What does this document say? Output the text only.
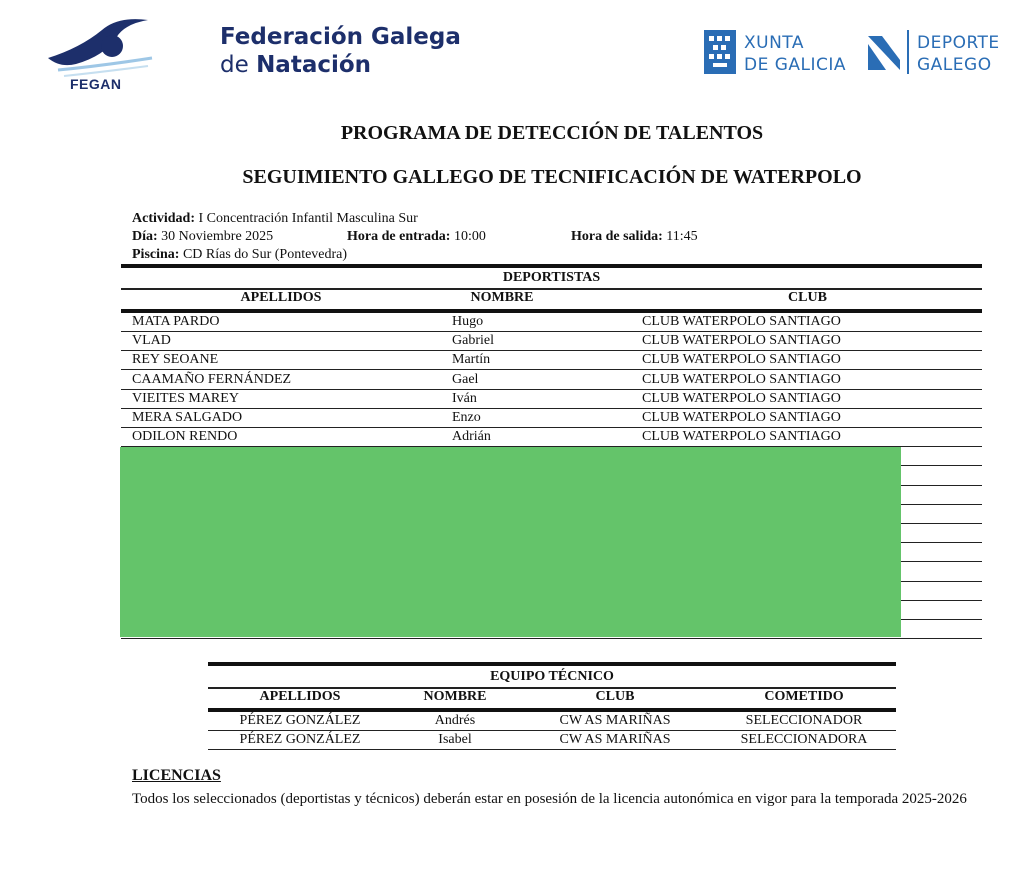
FEGAN
Federación Galega
de Natación
XUNTA
DE GALICIA
DEPORTE
GALEGO
PROGRAMA DE DETECCIÓN DE TALENTOS
SEGUIMIENTO GALLEGO DE TECNIFICACIÓN DE WATERPOLO
Actividad: I Concentración Infantil Masculina Sur
Día: 30 Noviembre 2025	Hora de entrada: 10:00	Hora de salida: 11:45
Piscina: CD Rías do Sur (Pontevedra)
DEPORTISTAS
APELLIDOS	NOMBRE	CLUB
MATA PARDO	Hugo	CLUB WATERPOLO SANTIAGO
VLAD	Gabriel	CLUB WATERPOLO SANTIAGO
REY SEOANE	Martín	CLUB WATERPOLO SANTIAGO
CAAMAÑO FERNÁNDEZ	Gael	CLUB WATERPOLO SANTIAGO
VIEITES MAREY	Iván	CLUB WATERPOLO SANTIAGO
MERA SALGADO	Enzo	CLUB WATERPOLO SANTIAGO
ODILON RENDO	Adrián	CLUB WATERPOLO SANTIAGO
EQUIPO TÉCNICO
APELLIDOS	NOMBRE	CLUB	COMETIDO
PÉREZ GONZÁLEZ	Andrés	CW AS MARIÑAS	SELECCIONADOR
PÉREZ GONZÁLEZ	Isabel	CW AS MARIÑAS	SELECCIONADORA
LICENCIAS
Todos los seleccionados (deportistas y técnicos) deberán estar en posesión de la licencia autonómica en vigor para la temporada 2025-2026
